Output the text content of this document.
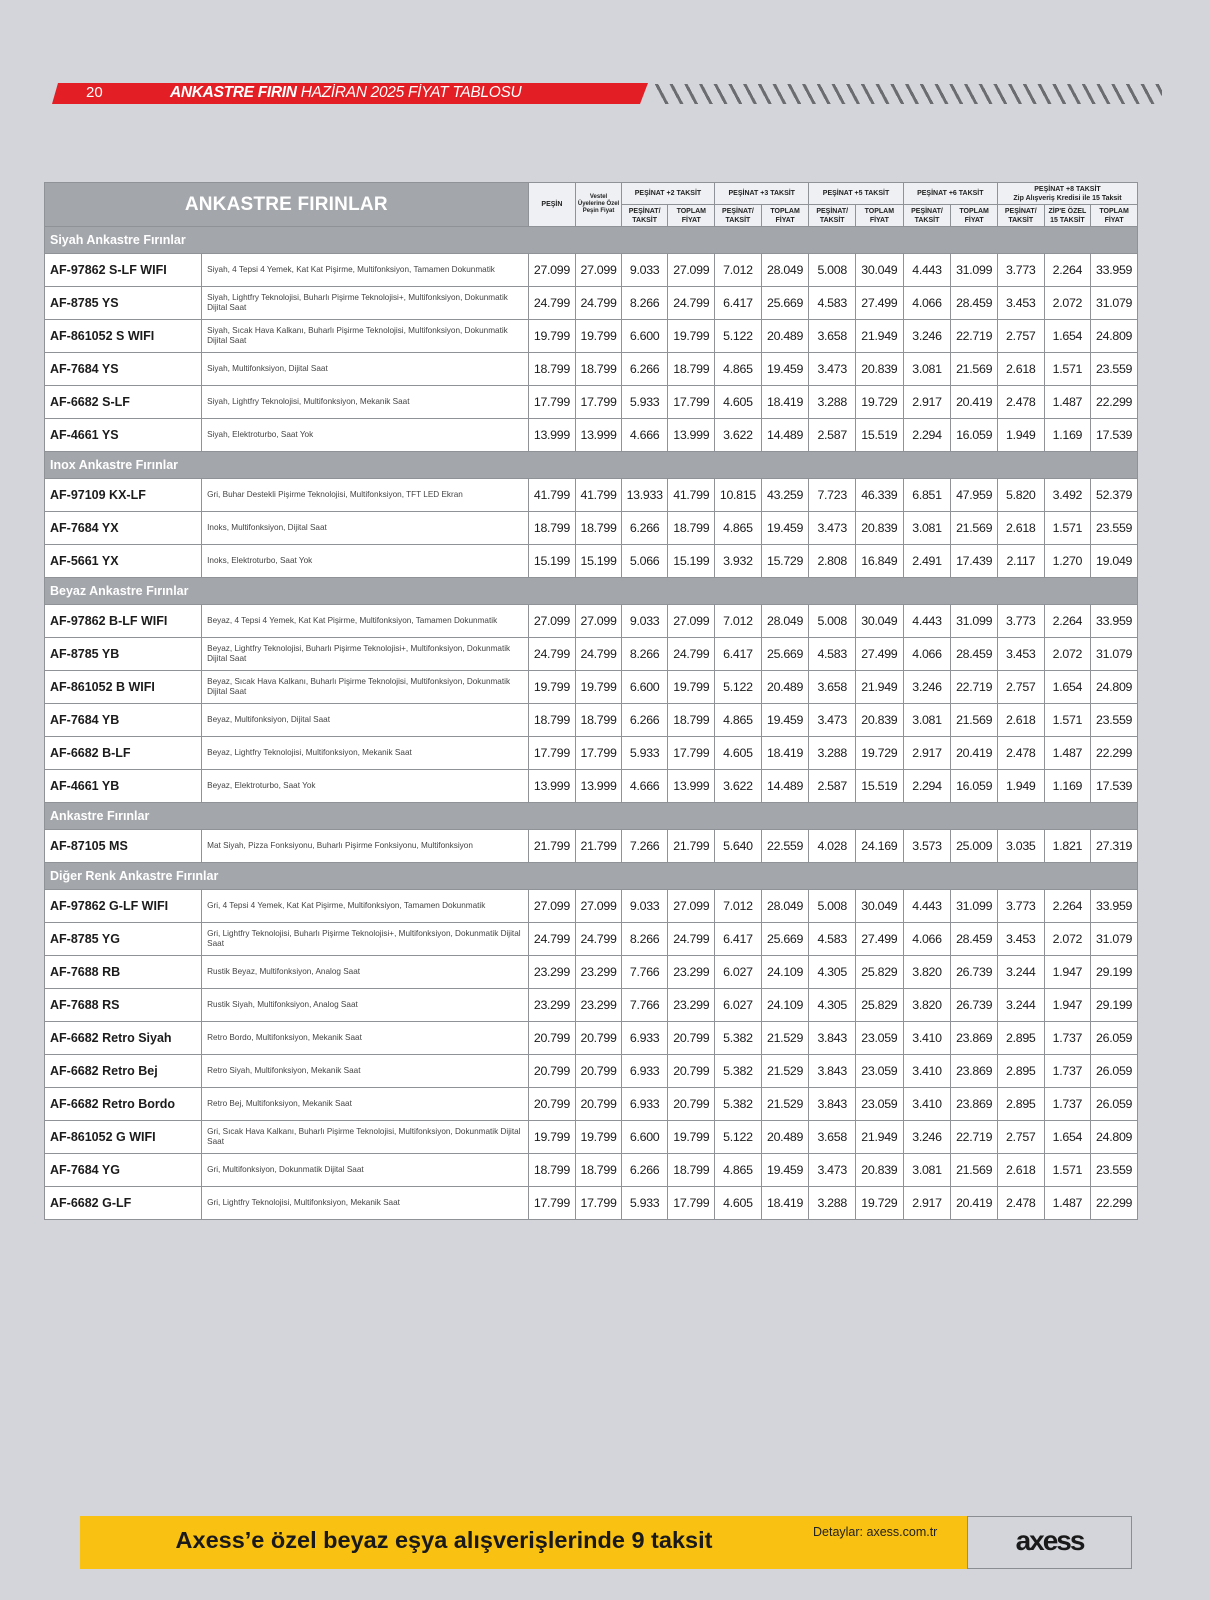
20	ANKASTRE FIRIN HAZİRAN 2025 FİYAT TABLOSU
ANKASTRE FIRINLAR		PEŞİN	Vestel Üyelerine Özel Peşin Fiyat	PEŞİNAT +2 TAKSİT		PEŞİNAT +3 TAKSİT		PEŞİNAT +5 TAKSİT		PEŞİNAT +6 TAKSİT		PEŞİNAT +8 TAKSİT
Zip Alışveriş Kredisi ile 15 Taksit		
				PEŞİNAT/ TAKSİT	TOPLAM FİYAT	PEŞİNAT/ TAKSİT	TOPLAM FİYAT	PEŞİNAT/ TAKSİT	TOPLAM FİYAT	PEŞİNAT/ TAKSİT	TOPLAM FİYAT	PEŞİNAT/ TAKSİT	ZİP'E ÖZEL 15 TAKSİT	TOPLAM FİYAT
Siyah Ankastre Fırınlar														
AF-97862 S-LF WIFI	Siyah, 4 Tepsi 4 Yemek, Kat Kat Pişirme, Multifonksiyon, Tamamen Dokunmatik	27.099	27.099	9.033	27.099	7.012	28.049	5.008	30.049	4.443	31.099	3.773	2.264	33.959
AF-8785 YS	Siyah, Lightfry Teknolojisi, Buharlı Pişirme Teknolojisi+, Multifonksiyon, Dokunmatik Dijital Saat	24.799	24.799	8.266	24.799	6.417	25.669	4.583	27.499	4.066	28.459	3.453	2.072	31.079
AF-861052 S WIFI	Siyah, Sıcak Hava Kalkanı, Buharlı Pişirme Teknolojisi, Multifonksiyon, Dokunmatik Dijital Saat	19.799	19.799	6.600	19.799	5.122	20.489	3.658	21.949	3.246	22.719	2.757	1.654	24.809
AF-7684 YS	Siyah, Multifonksiyon, Dijital Saat	18.799	18.799	6.266	18.799	4.865	19.459	3.473	20.839	3.081	21.569	2.618	1.571	23.559
AF-6682 S-LF	Siyah, Lightfry Teknolojisi, Multifonksiyon, Mekanik Saat	17.799	17.799	5.933	17.799	4.605	18.419	3.288	19.729	2.917	20.419	2.478	1.487	22.299
AF-4661 YS	Siyah, Elektroturbo, Saat Yok	13.999	13.999	4.666	13.999	3.622	14.489	2.587	15.519	2.294	16.059	1.949	1.169	17.539
Inox Ankastre Fırınlar														
AF-97109 KX-LF	Gri, Buhar Destekli Pişirme Teknolojisi, Multifonksiyon, TFT LED Ekran	41.799	41.799	13.933	41.799	10.815	43.259	7.723	46.339	6.851	47.959	5.820	3.492	52.379
AF-7684 YX	Inoks, Multifonksiyon, Dijital Saat	18.799	18.799	6.266	18.799	4.865	19.459	3.473	20.839	3.081	21.569	2.618	1.571	23.559
AF-5661 YX	Inoks, Elektroturbo, Saat Yok	15.199	15.199	5.066	15.199	3.932	15.729	2.808	16.849	2.491	17.439	2.117	1.270	19.049
Beyaz Ankastre Fırınlar														
AF-97862 B-LF WIFI	Beyaz, 4 Tepsi 4 Yemek, Kat Kat Pişirme, Multifonksiyon, Tamamen Dokunmatik	27.099	27.099	9.033	27.099	7.012	28.049	5.008	30.049	4.443	31.099	3.773	2.264	33.959
AF-8785 YB	Beyaz, Lightfry Teknolojisi, Buharlı Pişirme Teknolojisi+, Multifonksiyon, Dokunmatik Dijital Saat	24.799	24.799	8.266	24.799	6.417	25.669	4.583	27.499	4.066	28.459	3.453	2.072	31.079
AF-861052 B WIFI	Beyaz, Sıcak Hava Kalkanı, Buharlı Pişirme Teknolojisi, Multifonksiyon, Dokunmatik Dijital Saat	19.799	19.799	6.600	19.799	5.122	20.489	3.658	21.949	3.246	22.719	2.757	1.654	24.809
AF-7684 YB	Beyaz, Multifonksiyon, Dijital Saat	18.799	18.799	6.266	18.799	4.865	19.459	3.473	20.839	3.081	21.569	2.618	1.571	23.559
AF-6682 B-LF	Beyaz, Lightfry Teknolojisi, Multifonksiyon, Mekanik Saat	17.799	17.799	5.933	17.799	4.605	18.419	3.288	19.729	2.917	20.419	2.478	1.487	22.299
AF-4661 YB	Beyaz, Elektroturbo, Saat Yok	13.999	13.999	4.666	13.999	3.622	14.489	2.587	15.519	2.294	16.059	1.949	1.169	17.539
Ankastre Fırınlar														
AF-87105 MS	Mat Siyah, Pizza Fonksiyonu, Buharlı Pişirme Fonksiyonu, Multifonksiyon	21.799	21.799	7.266	21.799	5.640	22.559	4.028	24.169	3.573	25.009	3.035	1.821	27.319
Diğer Renk Ankastre Fırınlar														
AF-97862 G-LF WIFI	Gri, 4 Tepsi 4 Yemek, Kat Kat Pişirme, Multifonksiyon, Tamamen Dokunmatik	27.099	27.099	9.033	27.099	7.012	28.049	5.008	30.049	4.443	31.099	3.773	2.264	33.959
AF-8785 YG	Gri, Lightfry Teknolojisi, Buharlı Pişirme Teknolojisi+, Multifonksiyon, Dokunmatik Dijital Saat	24.799	24.799	8.266	24.799	6.417	25.669	4.583	27.499	4.066	28.459	3.453	2.072	31.079
AF-7688 RB	Rustik Beyaz, Multifonksiyon, Analog Saat	23.299	23.299	7.766	23.299	6.027	24.109	4.305	25.829	3.820	26.739	3.244	1.947	29.199
AF-7688 RS	Rustik Siyah, Multifonksiyon, Analog Saat	23.299	23.299	7.766	23.299	6.027	24.109	4.305	25.829	3.820	26.739	3.244	1.947	29.199
AF-6682 Retro Siyah	Retro Bordo, Multifonksiyon, Mekanik Saat	20.799	20.799	6.933	20.799	5.382	21.529	3.843	23.059	3.410	23.869	2.895	1.737	26.059
AF-6682 Retro Bej	Retro Siyah, Multifonksiyon, Mekanik Saat	20.799	20.799	6.933	20.799	5.382	21.529	3.843	23.059	3.410	23.869	2.895	1.737	26.059
AF-6682 Retro Bordo	Retro Bej, Multifonksiyon, Mekanik Saat	20.799	20.799	6.933	20.799	5.382	21.529	3.843	23.059	3.410	23.869	2.895	1.737	26.059
AF-861052 G WIFI	Gri, Sıcak Hava Kalkanı, Buharlı Pişirme Teknolojisi, Multifonksiyon, Dokunmatik Dijital Saat	19.799	19.799	6.600	19.799	5.122	20.489	3.658	21.949	3.246	22.719	2.757	1.654	24.809
AF-7684 YG	Gri, Multifonksiyon, Dokunmatik Dijital Saat	18.799	18.799	6.266	18.799	4.865	19.459	3.473	20.839	3.081	21.569	2.618	1.571	23.559
AF-6682 G-LF	Gri, Lightfry Teknolojisi, Multifonksiyon, Mekanik Saat	17.799	17.799	5.933	17.799	4.605	18.419	3.288	19.729	2.917	20.419	2.478	1.487	22.299
Axess’e özel beyaz eşya alışverişlerinde 9 taksit	Detaylar: axess.com.tr	axess
